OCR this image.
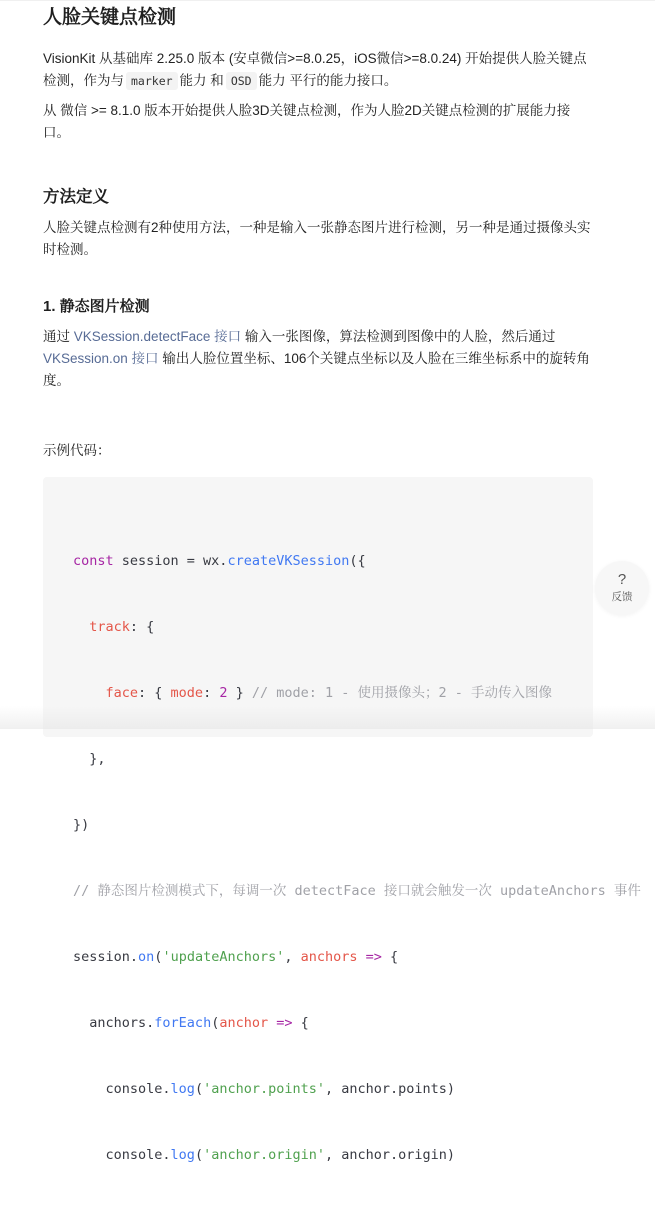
人脸关键点检测

VisionKit 从基础库 2.25.0 版本 (安卓微信>=8.0.25，iOS微信>=8.0.24) 开始提供人脸关键点检测，作为与 marker 能力 和 OSD 能力 平行的能力接口。

从 微信 >= 8.1.0 版本开始提供人脸3D关键点检测，作为人脸2D关键点检测的扩展能力接口。

方法定义

人脸关键点检测有2种使用方法，一种是输入一张静态图片进行检测，另一种是通过摄像头实时检测。

1. 静态图片检测

通过 VKSession.detectFace 接口 输入一张图像，算法检测到图像中的人脸，然后通过
VKSession.on 接口 输出人脸位置坐标、106个关键点坐标以及人脸在三维坐标系中的旋转角度。

示例代码：

const session = wx.createVKSession({

track: {

face: { mode: 2 } // mode: 1 - 使用摄像头；2 - 手动传入图像

},

})

// 静态图片检测模式下，每调一次 detectFace 接口就会触发一次 updateAnchors 事件

session.on('updateAnchors', anchors => {

anchors.forEach(anchor => {

console.log('anchor.points', anchor.points)

console.log('anchor.origin', anchor.origin)

?
反馈
